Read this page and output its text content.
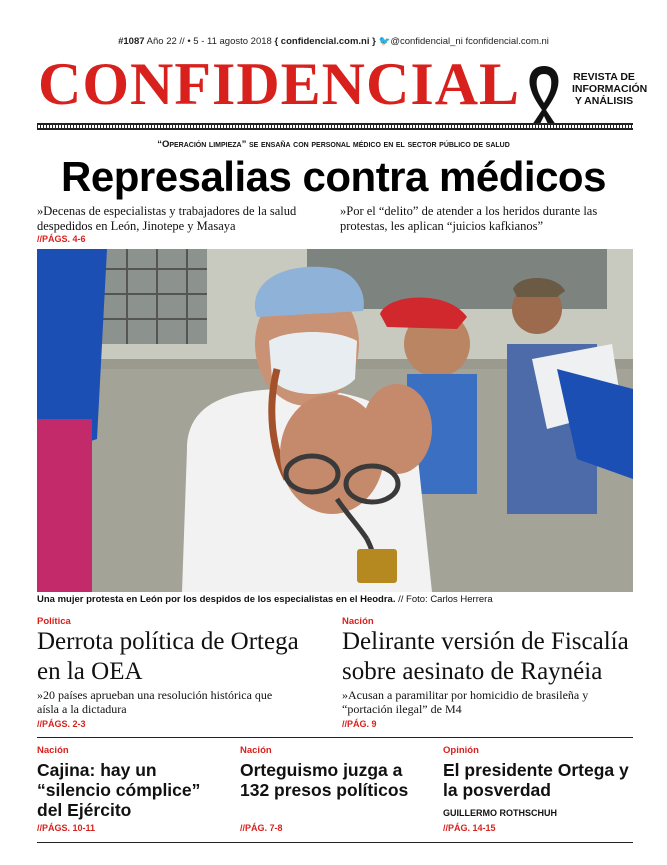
#1087 Año 22 // • 5 - 11 agosto 2018 { confidencial.com.ni } 🐦@confidencial_ni fconfidencial.com.ni
CONFIDENCIAL	REVISTA DE
INFORMACIÓN
Y ANÁLISIS
“Operación limpieza” se ensaña con personal médico en el sector público de salud
Represalias contra médicos
»Decenas de especialistas y trabajadores de la salud despedidos en León, Jinotepe y Masaya
»Por el “delito” de atender a los heridos durante las protestas, les aplican “juicios kafkianos”
//PÁGS. 4-6
Una mujer protesta en León por los despidos de los especialistas en el Heodra. // Foto: Carlos Herrera
Política
Derrota política de Ortega en la OEA
»20 países aprueban una resolución histórica que aísla a la dictadura
//PÁGS. 2-3
Nación
Delirante versión de Fiscalía sobre aesinato de Raynéia
»Acusan a paramilitar por homicidio de brasileña y “portación ilegal” de M4
//PÁG. 9
Nación
Cajina: hay un “silencio cómplice” del Ejército
//PÁGS. 10-11
Nación
Orteguismo juzga a 132 presos políticos
//PÁG. 7-8
Opinión
El presidente Ortega y la posverdad
GUILLERMO ROTHSCHUH
//PÁG. 14-15
